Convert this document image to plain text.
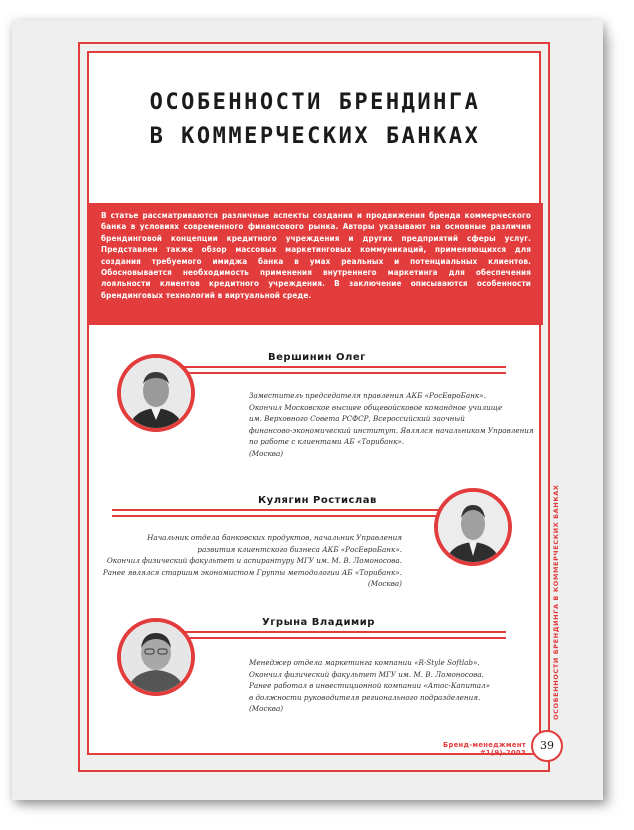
ОСОБЕННОСТИ БРЕНДИНГА
В КОММЕРЧЕСКИХ БАНКАХ
В статье рассматриваются различные аспекты создания и продвижения бренда коммерческого банка в условиях современного финансового рынка. Авторы указывают на основные различия брендинговой концепции кредитного учреждения и других предприятий сферы услуг. Представлен также обзор массовых маркетинговых коммуникаций, применяющихся для создания требуемого имиджа банка в умах реальных и потенциальных клиентов. Обосновывается необходимость применения внутреннего маркетинга для обеспечения лояльности клиентов кредитного учреждения. В заключение описываются особенности брендинговых технологий в виртуальной среде.
Вершинин Олег
Заместитель председателя правления АКБ «РосЕвроБанк».
Окончил Московское высшее общевойсковое командное училище
им. Верховного Совета РСФСР, Всероссийский заочный
финансово-экономический институт. Являлся начальником Управления
по работе с клиентами АБ «Торибанк».
(Москва)
Кулягин Ростислав
Начальник отдела банковских продуктов, начальник Управления
развития клиентского бизнеса АКБ «РосЕвроБанк».
Окончил физический факультет и аспирантуру МГУ им. М. В. Ломоносова.
Ранее являлся старшим экономистом Группы методологии АБ «Торибанк».
(Москва)
Угрына Владимир
Менеджер отдела маркетинга компании «R-Style Softlab».
Окончил физический факультет МГУ им. М. В. Ломоносова.
Ранее работал в инвестиционной компании «Атос-Капитал»
в должности руководителя регионального подразделения.
(Москва)	ОСОБЕННОСТИ БРЕНДИНГА В КОММЕРЧЕСКИХ БАНКАХ
Бренд-менеджмент #1(9)-2003
39
